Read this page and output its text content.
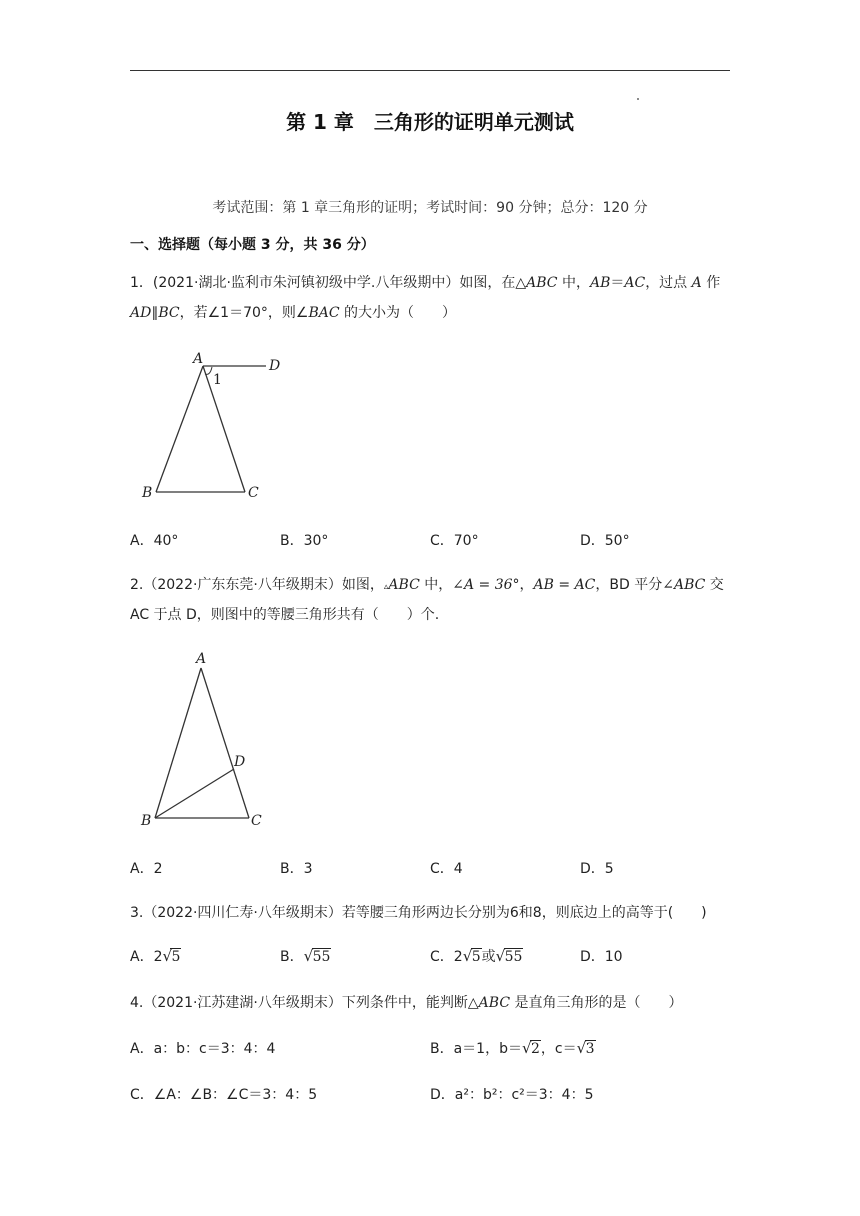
第 1 章　三角形的证明单元测试
考试范围：第 1 章三角形的证明；考试时间：90 分钟；总分：120 分
一、选择题（每小题 3 分，共 36 分）
1．(2021·湖北·监利市朱河镇初级中学.八年级期中）如图，在△ABC 中，AB＝AC，过点 A 作
AD∥BC，若∠1＝70°，则∠BAC 的大小为（　　）
A	D
1
B	C
A．40°	B．30°	C．70°	D．50°
2.（2022·广东东莞·八年级期末）如图，▵ABC 中，∠A = 36°，AB = AC，BD 平分∠ABC 交
AC 于点 D，则图中的等腰三角形共有（　　）个.
A
D
B	C
A．2	B．3	C．4	D．5
3.（2022·四川仁寿·八年级期末）若等腰三角形两边长分别为6和8，则底边上的高等于(　　)
A．2 √ 5	B． √ 55	C．2 √ 5或 √ 55	D．10
4.（2021·江苏建湖·八年级期末）下列条件中，能判断△ABC 是直角三角形的是（　　）
A．a：b：c＝3：4：4	B．a＝1，b＝ √ 2，c＝ √ 3
C．∠A：∠B：∠C＝3：4：5	D．a²：b²：c²＝3：4：5
